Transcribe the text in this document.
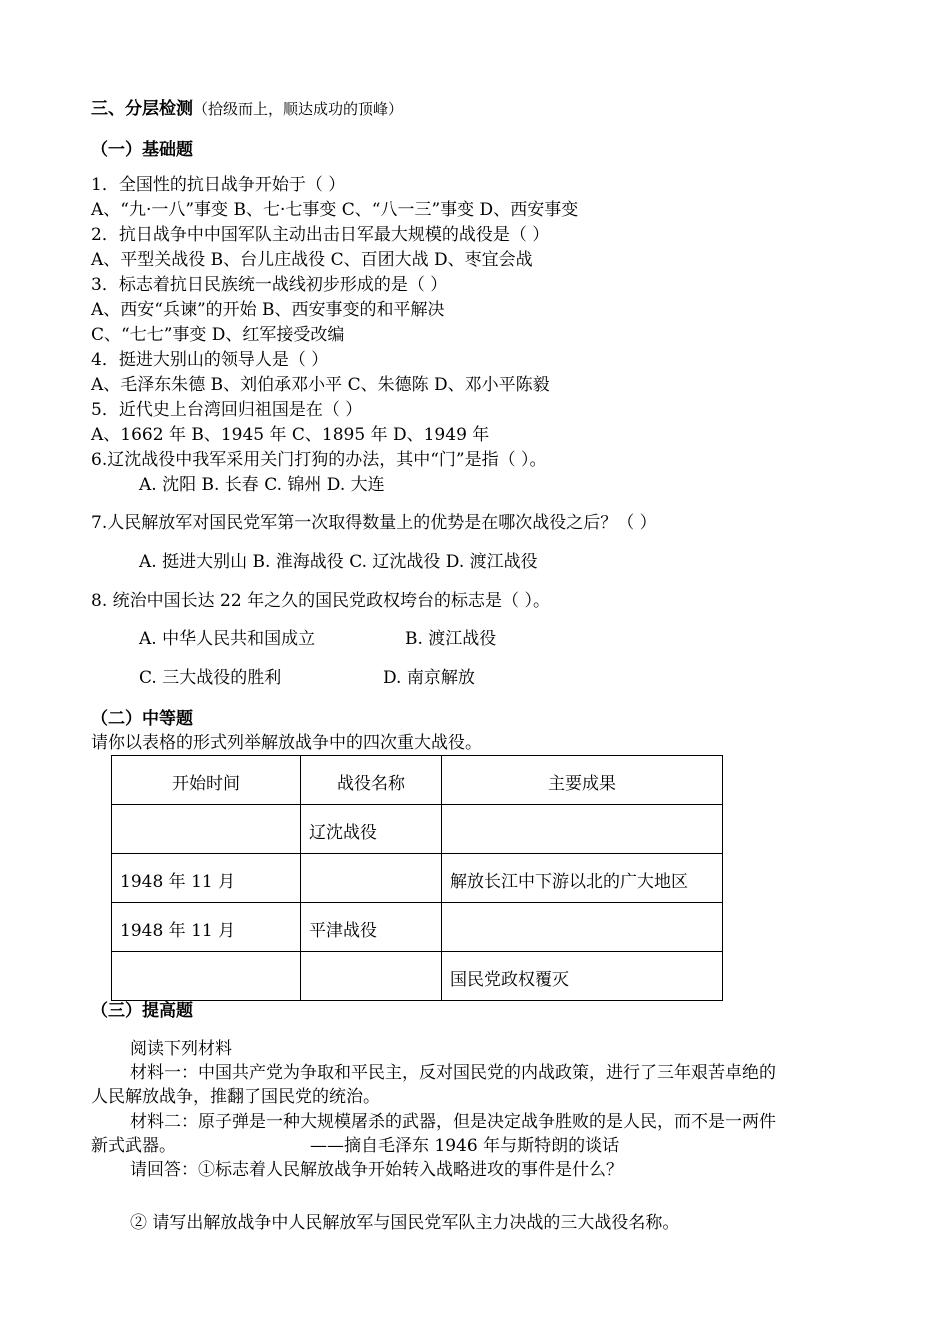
三、分层检测（拾级而上，顺达成功的顶峰）
（一）基础题
1．全国性的抗日战争开始于（ ）
A、“九·一八”事变 B、七·七事变 C、“八一三”事变 D、西安事变
2．抗日战争中中国军队主动出击日军最大规模的战役是（ ）
A、平型关战役 B、台儿庄战役 C、百团大战 D、枣宜会战
3．标志着抗日民族统一战线初步形成的是（ ）
A、西安“兵谏”的开始 B、西安事变的和平解决
C、“七七”事变 D、红军接受改编
4．挺进大别山的领导人是（ ）
A、毛泽东朱德 B、刘伯承邓小平 C、朱德陈 D、邓小平陈毅
5．近代史上台湾回归祖国是在（ ）
A、1662 年 B、1945 年 C、1895 年 D、1949 年
6.辽沈战役中我军采用关门打狗的办法，其中“门”是指（ ）。
A. 沈阳 B. 长春 C. 锦州 D. 大连
7.人民解放军对国民党军第一次取得数量上的优势是在哪次战役之后？（ ）
A. 挺进大别山 B. 淮海战役 C. 辽沈战役 D. 渡江战役
8. 统治中国长达 22 年之久的国民党政权垮台的标志是（ ）。
A. 中华人民共和国成立	B. 渡江战役
C. 三大战役的胜利	D. 南京解放
（二）中等题
请你以表格的形式列举解放战争中的四次重大战役。
开始时间	战役名称	主要成果
	辽沈战役	
1948 年 11 月		解放长江中下游以北的广大地区
1948 年 11 月	平津战役	
		国民党政权覆灭
（三）提高题
阅读下列材料
材料一：中国共产党为争取和平民主，反对国民党的内战政策，进行了三年艰苦卓绝的
人民解放战争，推翻了国民党的统治。
材料二：原子弹是一种大规模屠杀的武器，但是决定战争胜败的是人民，而不是一两件
新式武器。	——摘自毛泽东 1946 年与斯特朗的谈话
请回答：①标志着人民解放战争开始转入战略进攻的事件是什么？
② 请写出解放战争中人民解放军与国民党军队主力决战的三大战役名称。
